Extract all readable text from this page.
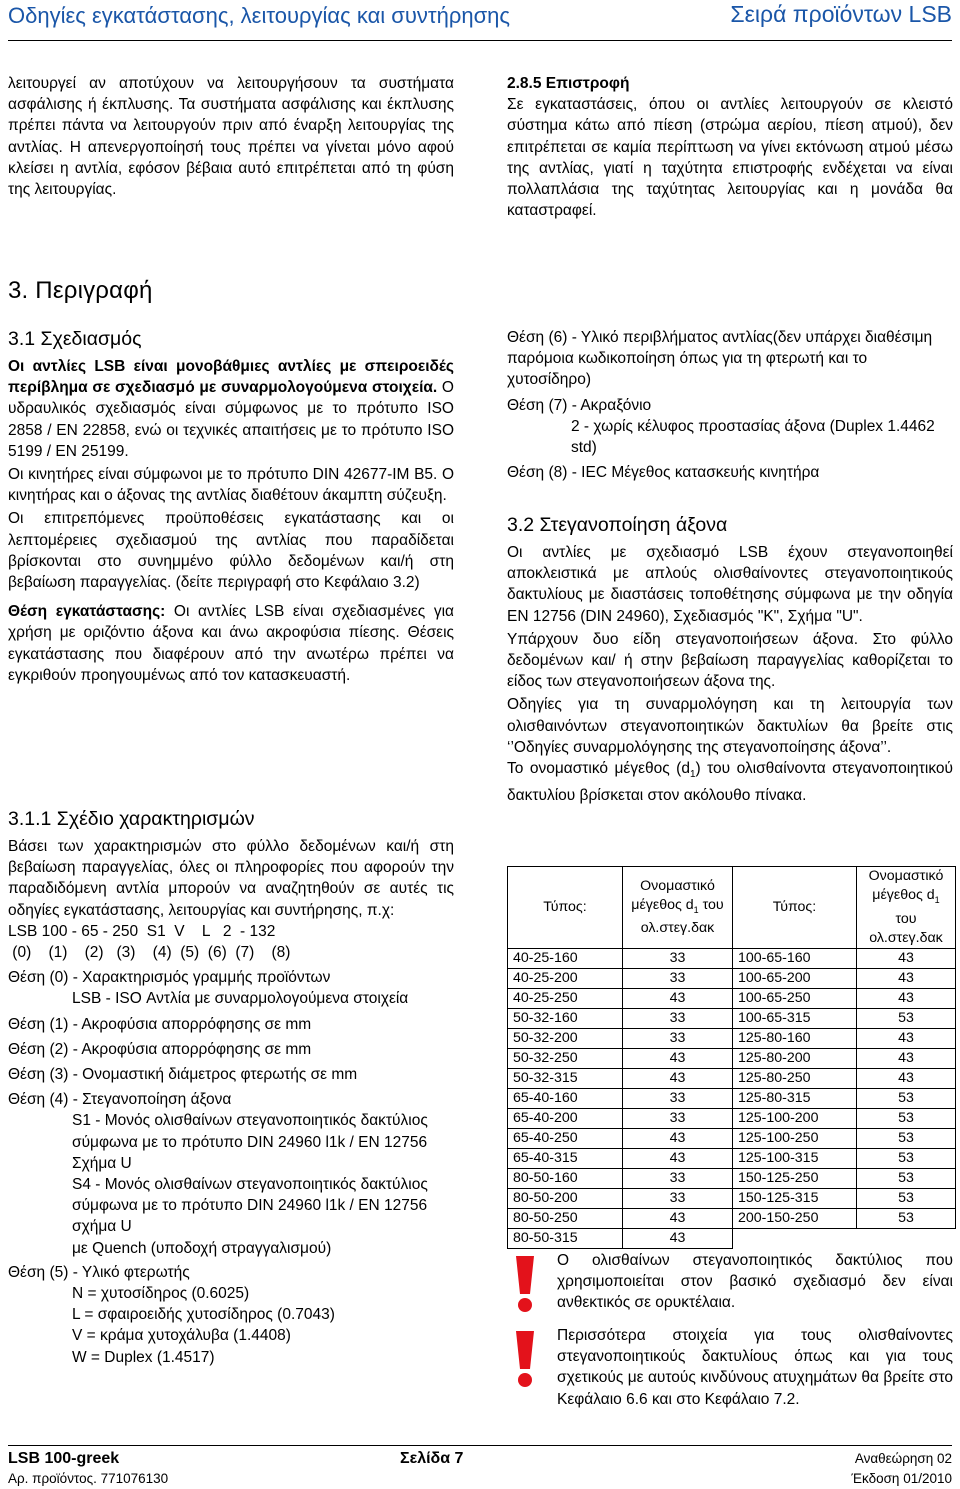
Οδηγίες εγκατάστασης, λειτουργίας και συντήρησης	Σειρά προϊόντων LSB

λειτουργεί αν αποτύχουν να λειτουργήσουν τα συστήματα ασφάλισης ή έκπλυσης. Τα συστήματα ασφάλισης και έκπλυσης πρέπει πάντα να λειτουργούν πριν από έναρξη λειτουργίας της αντλίας. Η απενεργοποίησή τους πρέπει να γίνεται μόνο αφού κλείσει η αντλία, εφόσον βέβαια αυτό επιτρέπεται από τη φύση της λειτουργίας.

2.8.5 Επιστροφή

Σε εγκαταστάσεις, όπου οι αντλίες λειτουργούν σε κλειστό σύστημα κάτω από πίεση (στρώμα αερίου, πίεση ατμού), δεν επιτρέπεται σε καμία περίπτωση να γίνει εκτόνωση ατμού μέσω της αντλίας, γιατί η ταχύτητα επιστροφής ενδέχεται να είναι πολλαπλάσια της ταχύτητας λειτουργίας και η μονάδα θα καταστραφεί.

3. Περιγραφή

3.1 Σχεδιασμός

Οι αντλίες LSB είναι μονοβάθμιες αντλίες με σπειροειδές περίβλημα σε σχεδιασμό με συναρμολογούμενα στοιχεία. Ο υδραυλικός σχεδιασμός είναι σύμφωνος με το πρότυπο ISO 2858 / EN 22858, ενώ οι τεχνικές απαιτήσεις με το πρότυπο ISO 5199 / EN 25199.

Οι κινητήρες είναι σύμφωνοι με το πρότυπο DIN 42677-IM B5. Ο κινητήρας και ο άξονας της αντλίας διαθέτουν άκαμπτη σύζευξη.

Οι επιτρεπόμενες προϋποθέσεις εγκατάστασης και οι λεπτομέρειες σχεδιασμού της αντλίας που παραδίδεται βρίσκονται στο συνημμένο φύλλο δεδομένων και/ή στη βεβαίωση παραγγελίας. (δείτε περιγραφή στο Κεφάλαιο 3.2)

Θέση εγκατάστασης: Οι αντλίες LSB είναι σχεδιασμένες για χρήση με οριζόντιο άξονα και άνω ακροφύσια πίεσης. Θέσεις εγκατάστασης που διαφέρουν από την ανωτέρω πρέπει να εγκριθούν προηγουμένως από τον κατασκευαστή.

3.1.1 Σχέδιο χαρακτηρισμών

Βάσει των χαρακτηρισμών στο φύλλο δεδομένων και/ή στη βεβαίωση παραγγελίας, όλες οι πληροφορίες που αφορούν την παραδιδόμενη αντλία μπορούν να αναζητηθούν σε αυτές τις οδηγίες εγκατάστασης, λειτουργίας και συντήρησης, π.χ:

LSB 100 - 65 - 250  S1  V    L   2  - 132

(0)    (1)    (2)   (3)    (4)  (5)  (6)  (7)    (8)

Θέση (0) - Χαρακτηρισμός γραμμής προϊόντων

LSB - ISO Αντλία με συναρμολογούμενα στοιχεία

Θέση (1) - Ακροφύσια απορρόφησης σε mm

Θέση (2) - Ακροφύσια απορρόφησης σε mm

Θέση (3) - Ονομαστική διάμετρος φτερωτής σε mm

Θέση (4) - Στεγανοποίηση άξονα

S1 - Μονός ολισθαίνων στεγανοποιητικός δακτύλιος σύμφωνα με το πρότυπο DIN 24960 l1k / EN 12756 Σχήμα U

S4 - Μονός ολισθαίνων στεγανοποιητικός δακτύλιος σύμφωνα με το πρότυπο DIN 24960 l1k / EN 12756 σχήμα U

με Quench (υποδοχή στραγγαλισμού)

Θέση (5) - Υλικό φτερωτής

N = χυτοσίδηρος (0.6025)

L = σφαιροειδής χυτοσίδηρος (0.7043)

V = κράμα χυτοχάλυβα (1.4408)

W = Duplex (1.4517)

Θέση (6) - Υλικό περιβλήματος αντλίας(δεν υπάρχει διαθέσιμη παρόμοια κωδικοποίηση όπως για τη φτερωτή και το χυτοσίδηρο)

Θέση (7) - Ακραξόνιο

2 - χωρίς κέλυφος προστασίας άξονα (Duplex 1.4462 std)

Θέση (8) - IEC Μέγεθος κατασκευής κινητήρα

3.2 Στεγανοποίηση άξονα

Οι αντλίες με σχεδιασμό LSB έχουν στεγανοποιηθεί αποκλειστικά με απλούς ολισθαίνοντες στεγανοποιητικούς δακτυλίους με διαστάσεις τοποθέτησης σύμφωνα με την οδηγία EN 12756 (DIN 24960), Σχεδιασμός "K", Σχήμα "U".

Υπάρχουν δυο είδη στεγανοποιήσεων άξονα. Στο φύλλο δεδομένων και/ ή στην βεβαίωση παραγγελίας καθορίζεται το είδος των στεγανοποιήσεων άξονα της.

Οδηγίες για τη συναρμολόγηση και τη λειτουργία των ολισθαινόντων στεγανοποιητικών δακτυλίων θα βρείτε στις ‘’Οδηγίες συναρμολόγησης της στεγανοποίησης άξονα’’.

Το ονομαστικό μέγεθος $(d_1)$ του ολισθαίνοντα στεγανοποιητικού δακτυλίου βρίσκεται στον ακόλουθο πίνακα.

Τύπος:	Ονομαστικό μέγεθος $d_1$ του ολ.στεγ.δακ	Τύπος:	Ονομαστικό μέγεθος $d_1$ του ολ.στεγ.δακ
40-25-160	33	100-65-160	43
40-25-200	33	100-65-200	43
40-25-250	43	100-65-250	43
50-32-160	33	100-65-315	53
50-32-200	33	125-80-160	43
50-32-250	43	125-80-200	43
50-32-315	43	125-80-250	43
65-40-160	33	125-80-315	53
65-40-200	33	125-100-200	53
65-40-250	43	125-100-250	53
65-40-315	43	125-100-315	53
80-50-160	33	150-125-250	53
80-50-200	33	150-125-315	53
80-50-250	43	200-150-250	53
80-50-315	43		

Ο ολισθαίνων στεγανοποιητικός δακτύλιος που χρησιμοποιείται στον βασικό σχεδιασμό δεν είναι ανθεκτικός σε ορυκτέλαια.

Περισσότερα στοιχεία για τους ολισθαίνοντες στεγανοποιητικούς δακτυλίους όπως και για τους σχετικούς με αυτούς κινδύνους ατυχημάτων θα βρείτε στο Κεφάλαιο 6.6 και στο Κεφάλαιο 7.2.

LSB 100-greek
Αρ. προϊόντος. 771076130
Σελίδα 7	Αναθεώρηση 02
Έκδοση 01/2010
